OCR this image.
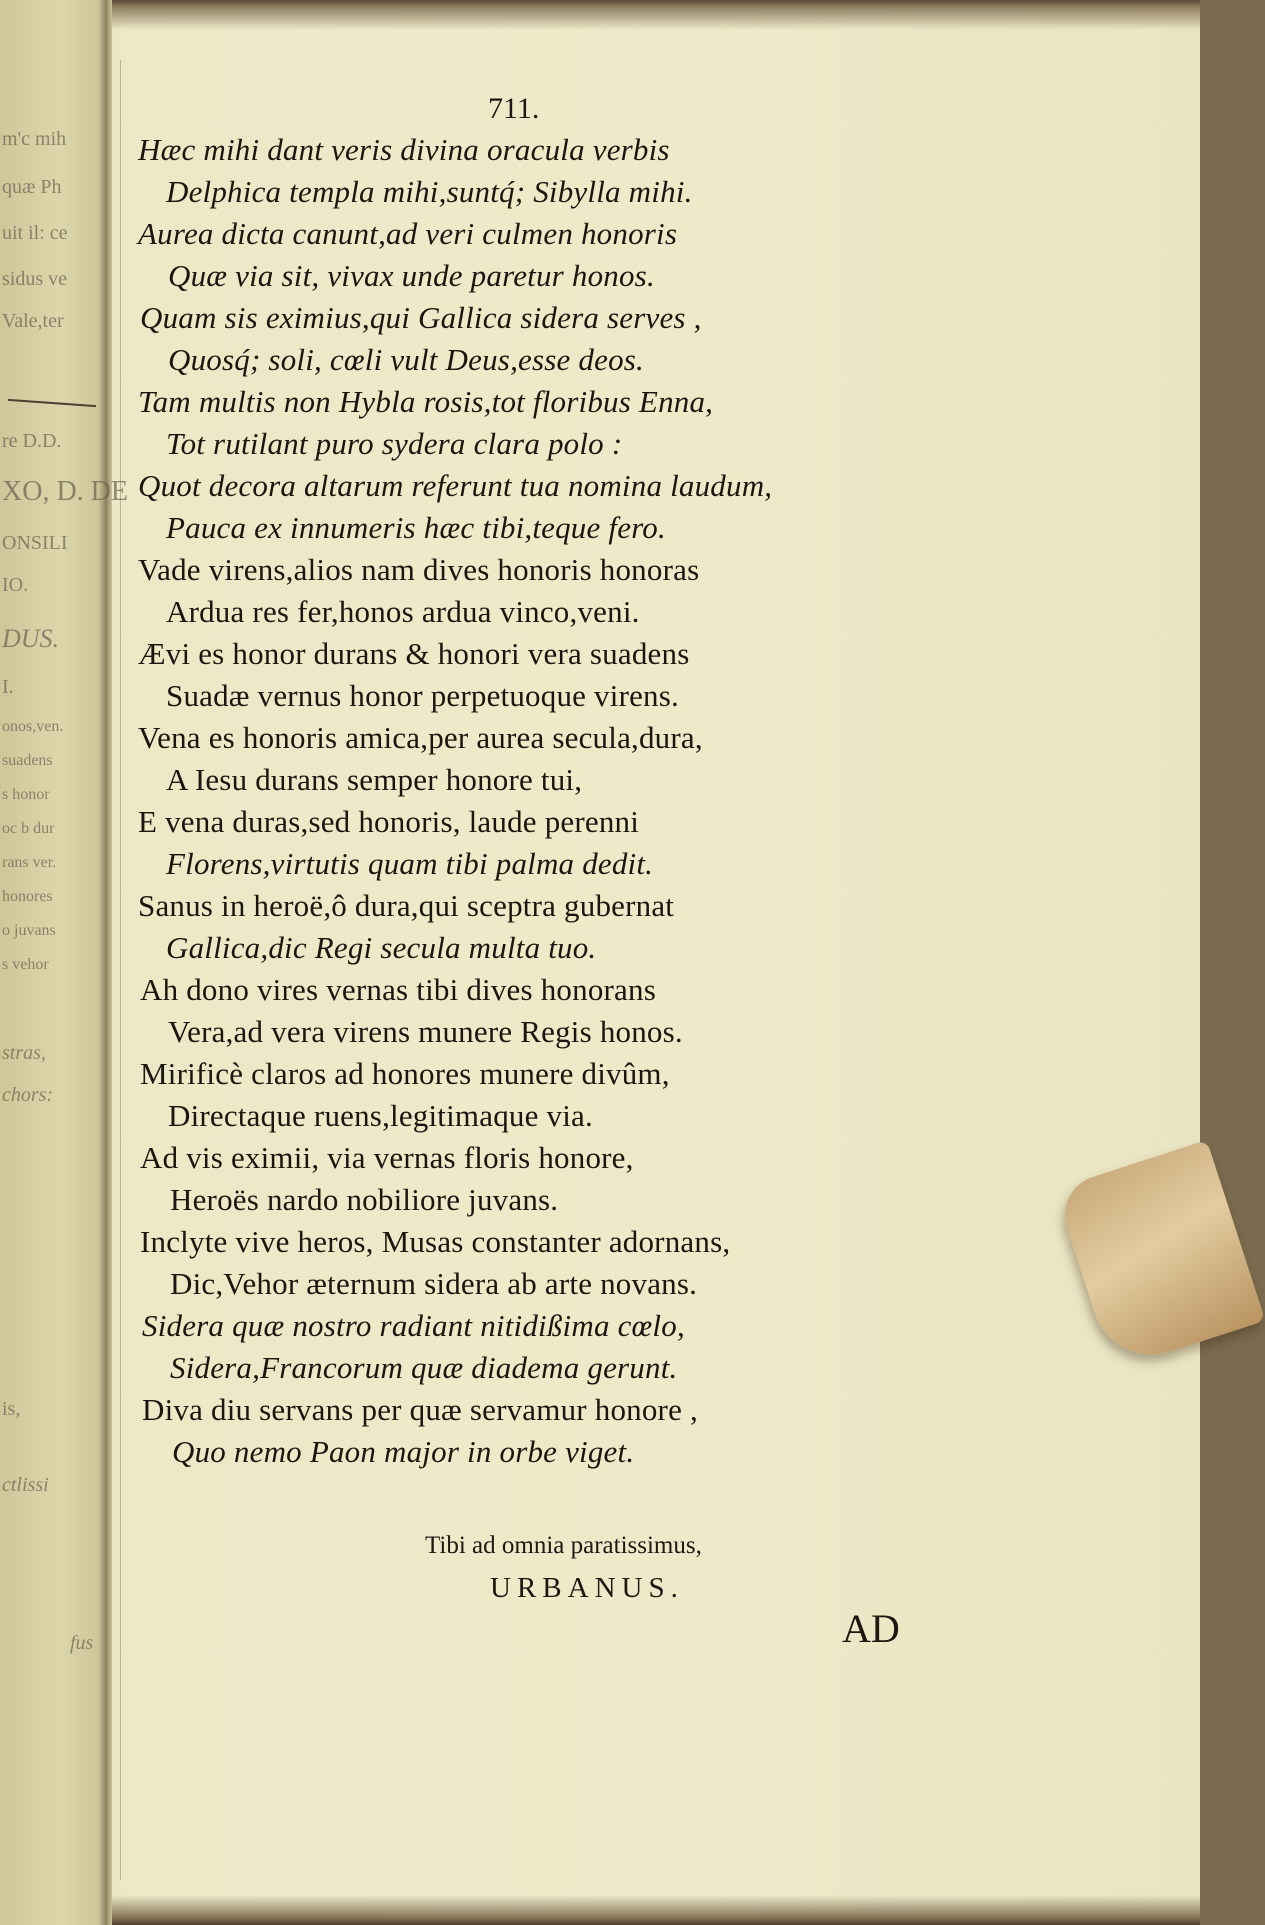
m'c mih
quæ Ph
uit il: ce
sidus ve
Vale,ter
re D.D.
XO, D. DE
ONSILI
IO.
DUS.
I.
onos,ven.
suadens
s honor
oc b dur
rans ver.
honores
o juvans
s vehor
stras,
chors:
is,
ctlissi
fus
711.
Hæc mihi dant veris divina oracula verbis
Delphica templa mihi,suntq́; Sibylla mihi.
Aurea dicta canunt,ad veri culmen honoris
Quæ via sit, vivax unde paretur honos.
Quam sis eximius,qui Gallica sidera serves ,
Quosq́; soli, cœli vult Deus,esse deos.
Tam multis non Hybla rosis,tot floribus Enna,
Tot rutilant puro sydera clara polo :
Quot decora altarum referunt tua nomina laudum,
Pauca ex innumeris hæc tibi,teque fero.
Vade virens,alios nam dives honoris honoras
Ardua res fer,honos ardua vinco,veni.
Ævi es honor durans & honori vera suadens
Suadæ vernus honor perpetuoque virens.
Vena es honoris amica,per aurea secula,dura,
A Iesu durans semper honore tui,
E vena duras,sed honoris, laude perenni
Florens,virtutis quam tibi palma dedit.
Sanus in heroë,ô dura,qui sceptra gubernat
Gallica,dic Regi secula multa tuo.
Ah dono vires vernas tibi dives honorans
Vera,ad vera virens munere Regis honos.
Mirificè claros ad honores munere divûm,
Directaque ruens,legitimaque via.
Ad vis eximii, via vernas floris honore,
Heroës nardo nobiliore juvans.
Inclyte vive heros, Musas constanter adornans,
Dic,Vehor æternum sidera ab arte novans.
Sidera quæ nostro radiant nitidißima cœlo,
Sidera,Francorum quæ diadema gerunt.
Diva diu servans per quæ servamur honore ,
Quo nemo Paon major in orbe viget.
Tibi ad omnia paratissimus,
URBANUS.
AD
